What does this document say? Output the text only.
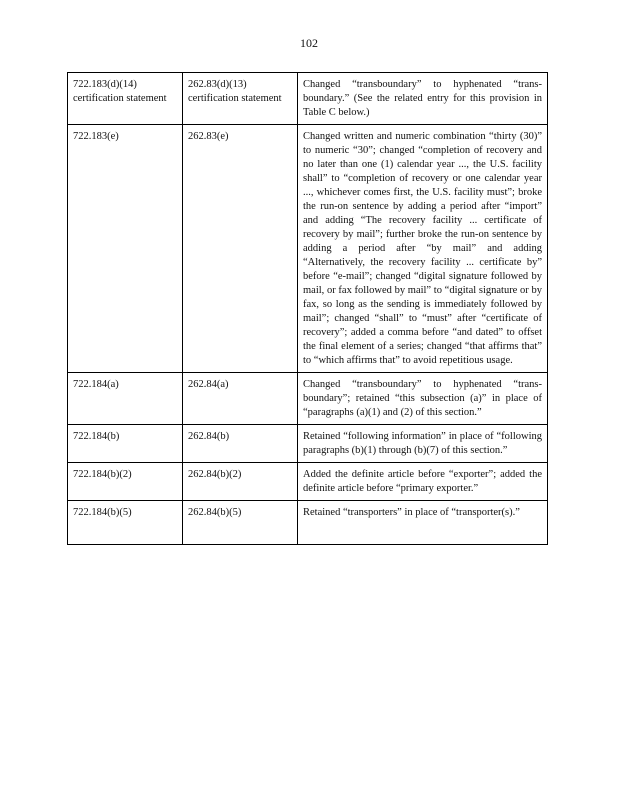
102
722.183(d)(14) certification statement	262.83(d)(13) certification statement	Changed “transboundary” to hyphenated “trans-boundary.” (See the related entry for this provision in Table C below.)
722.183(e)	262.83(e)	Changed written and numeric combination “thirty (30)” to numeric “30”; changed “completion of recovery and no later than one (1) calendar year ..., the U.S. facility shall” to “completion of recovery or one calendar year ..., whichever comes first, the U.S. facility must”; broke the run-on sentence by adding a period after “import” and adding “The recovery facility ... certificate of recovery by mail”; further broke the run-on sentence by adding a period after “by mail” and adding “Alternatively, the recovery facility ... certificate by” before “e-mail”; changed “digital signature followed by mail, or fax followed by mail” to “digital signature or by fax, so long as the sending is immediately followed by mail”; changed “shall” to “must” after “certificate of recovery”; added a comma before “and dated” to offset the final element of a series; changed “that affirms that” to “which affirms that” to avoid repetitious usage.
722.184(a)	262.84(a)	Changed “transboundary” to hyphenated “trans-boundary”; retained “this subsection (a)” in place of “paragraphs (a)(1) and (2) of this section.”
722.184(b)	262.84(b)	Retained “following information” in place of “following paragraphs (b)(1) through (b)(7) of this section.”
722.184(b)(2)	262.84(b)(2)	Added the definite article before “exporter”; added the definite article before “primary exporter.”
722.184(b)(5)	262.84(b)(5)	Retained “transporters” in place of “transporter(s).”
